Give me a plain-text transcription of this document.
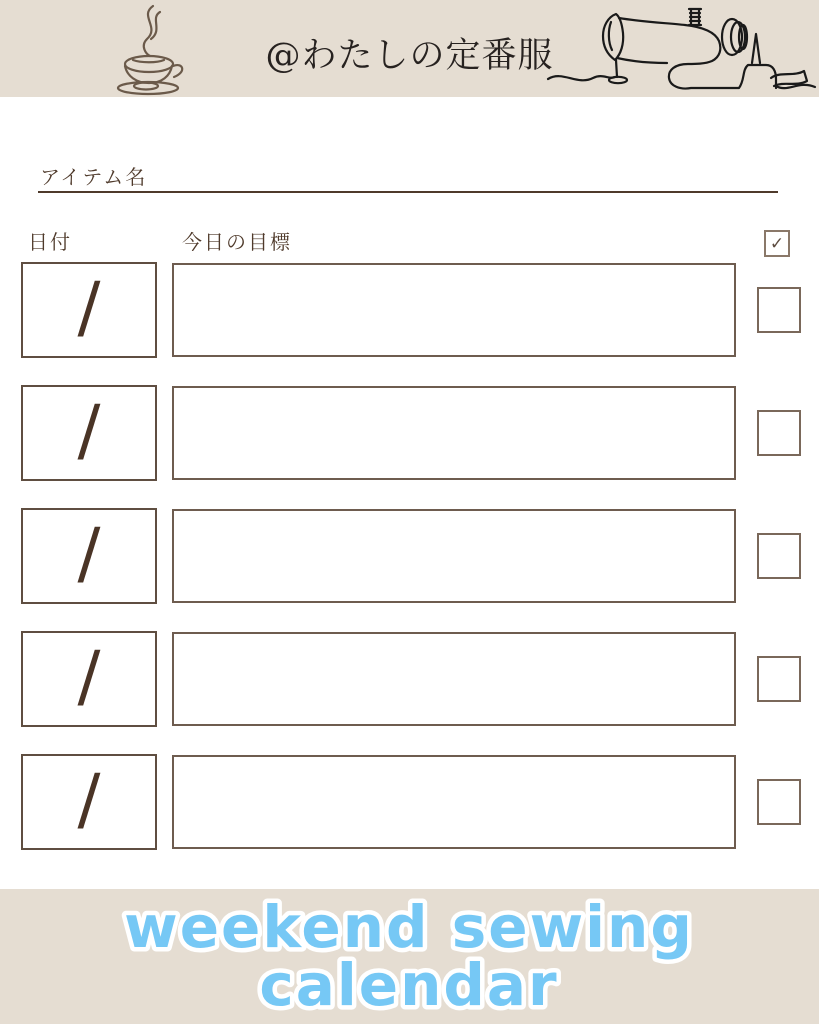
@わたしの定番服
アイテム名
日付	今日の目標	✓
/
/
/
/
/
weekend sewing
calendar
